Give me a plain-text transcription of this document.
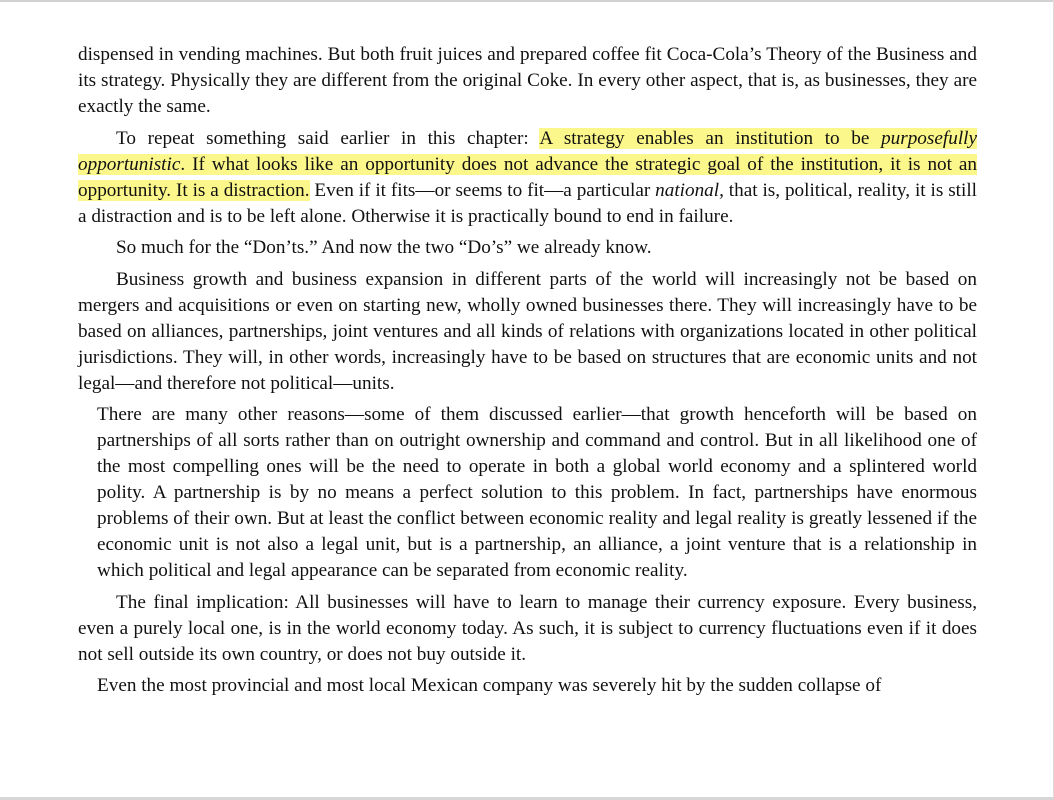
dispensed in vending machines. But both fruit juices and prepared coffee fit Coca-Cola’s Theory of the Business and its strategy. Physically they are different from the original Coke. In every other aspect, that is, as businesses, they are exactly the same.

To repeat something said earlier in this chapter: A strategy enables an institution to be purposefully opportunistic. If what looks like an opportunity does not advance the strategic goal of the institution, it is not an opportunity. It is a distraction. Even if it fits—or seems to fit—a particular national, that is, political, reality, it is still a distraction and is to be left alone. Otherwise it is practically bound to end in failure.

So much for the “Don’ts.” And now the two “Do’s” we already know.

Business growth and business expansion in different parts of the world will increasingly not be based on mergers and acquisitions or even on starting new, wholly owned businesses there. They will increasingly have to be based on alliances, partnerships, joint ventures and all kinds of relations with organizations located in other political jurisdictions. They will, in other words, increasingly have to be based on structures that are economic units and not legal—and therefore not political—units.

There are many other reasons—some of them discussed earlier—that growth henceforth will be based on partnerships of all sorts rather than on outright ownership and command and control. But in all likelihood one of the most compelling ones will be the need to operate in both a global world economy and a splintered world polity. A partnership is by no means a perfect solution to this problem. In fact, partnerships have enormous problems of their own. But at least the conflict between economic reality and legal reality is greatly lessened if the economic unit is not also a legal unit, but is a partnership, an alliance, a joint venture that is a relationship in which political and legal appearance can be separated from economic reality.

The final implication: All businesses will have to learn to manage their currency exposure. Every business, even a purely local one, is in the world economy today. As such, it is subject to currency fluctuations even if it does not sell outside its own country, or does not buy outside it.

Even the most provincial and most local Mexican company was severely hit by the sudden collapse of
